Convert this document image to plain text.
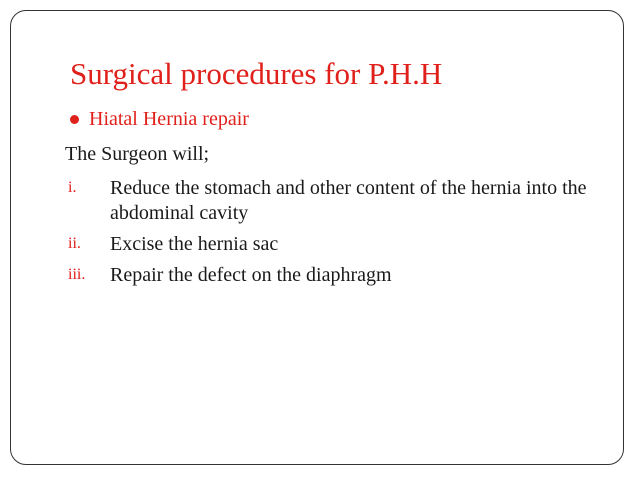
Surgical procedures for P.H.H
Hiatal Hernia repair
The Surgeon will;
i.	Reduce the stomach and other content of the hernia into the abdominal cavity
ii.	Excise the hernia sac
iii.	Repair the defect on the diaphragm
